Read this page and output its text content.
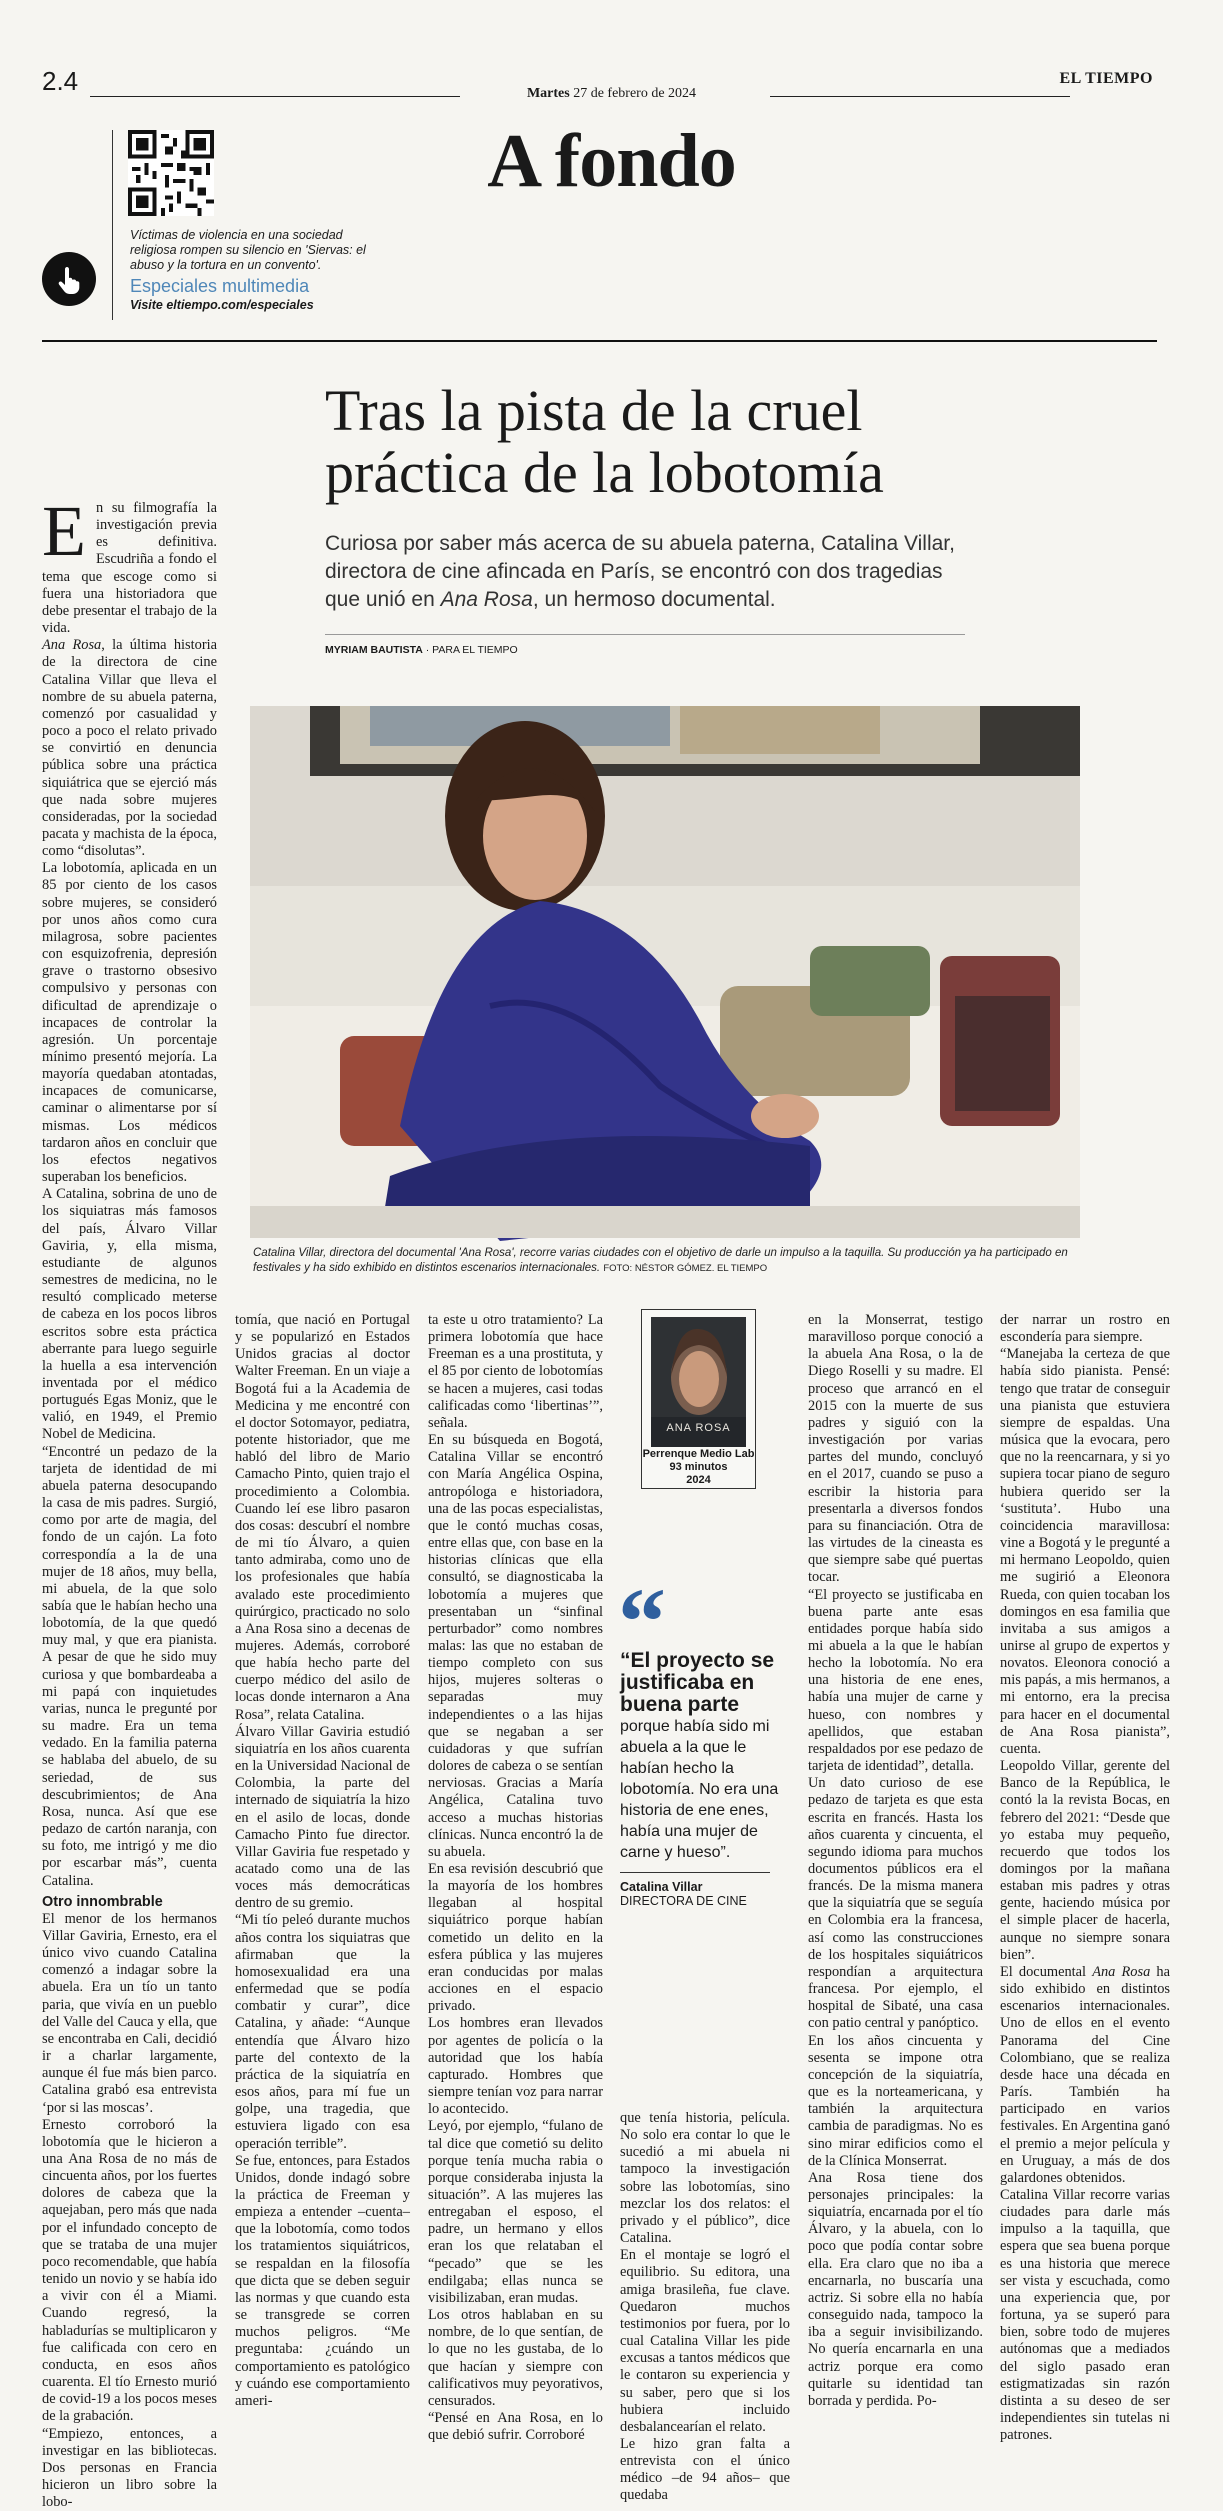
2.4	Martes 27 de febrero de 2024
EL TIEMPO
A fondo
Víctimas de violencia en una sociedad religiosa rompen su silencio en 'Siervas: el abuso y la tortura en un convento'.
Especiales multimedia
Visite eltiempo.com/especiales
Tras la pista de la cruel
práctica de la lobotomía
Curiosa por saber más acerca de su abuela paterna, Catalina Villar, directora de cine afincada en París, se encontró con dos tragedias que unió en Ana Rosa, un hermoso documental.
MYRIAM BAUTISTA · PARA EL TIEMPO
Catalina Villar, directora del documental 'Ana Rosa', recorre varias ciudades con el objetivo de darle un impulso a la taquilla. Su producción ya ha participado en festivales y ha sido exhibido en distintos escenarios internacionales. FOTO: NÉSTOR GÓMEZ. EL TIEMPO

En su filmografía la investigación previa es definitiva. Escudriña a fondo el tema que escoge como si fuera una historiadora que debe presentar el trabajo de la vida.

Ana Rosa, la última historia de la directora de cine Catalina Villar que lleva el nombre de su abuela paterna, comenzó por casualidad y poco a poco el relato privado se convirtió en denuncia pública sobre una práctica siquiátrica que se ejerció más que nada sobre mujeres consideradas, por la sociedad pacata y machista de la época, como “disolutas”.

La lobotomía, aplicada en un 85 por ciento de los casos sobre mujeres, se consideró por unos años como cura milagrosa, sobre pacientes con esquizofrenia, depresión grave o trastorno obsesivo compulsivo y personas con dificultad de aprendizaje o incapaces de controlar la agresión. Un porcentaje mínimo presentó mejoría. La mayoría quedaban atontadas, incapaces de comunicarse, caminar o alimentarse por sí mismas. Los médicos tardaron años en concluir que los efectos negativos superaban los beneficios.

A Catalina, sobrina de uno de los siquiatras más famosos del país, Álvaro Villar Gaviria, y, ella misma, estudiante de algunos semestres de medicina, no le resultó complicado meterse de cabeza en los pocos libros escritos sobre esta práctica aberrante para luego seguirle la huella a esa intervención inventada por el médico portugués Egas Moniz, que le valió, en 1949, el Premio Nobel de Medicina.

“Encontré un pedazo de la tarjeta de identidad de mi abuela paterna desocupando la casa de mis padres. Surgió, como por arte de magia, del fondo de un cajón. La foto correspondía a la de una mujer de 18 años, muy bella, mi abuela, de la que solo sabía que le habían hecho una lobotomía, de la que quedó muy mal, y que era pianista. A pesar de que he sido muy curiosa y que bombardeaba a mi papá con inquietudes varias, nunca le pregunté por su madre. Era un tema vedado. En la familia paterna se hablaba del abuelo, de su seriedad, de sus descubrimientos; de Ana Rosa, nunca. Así que ese pedazo de cartón naranja, con su foto, me intrigó y me dio por escarbar más”, cuenta Catalina.

Otro innombrable

El menor de los hermanos Villar Gaviria, Ernesto, era el único vivo cuando Catalina comenzó a indagar sobre la abuela. Era un tío un tanto paria, que vivía en un pueblo del Valle del Cauca y ella, que se encontraba en Cali, decidió ir a charlar largamente, aunque él fue más bien parco. Catalina grabó esa entrevista ‘por si las moscas’.

Ernesto corroboró la lobotomía que le hicieron a una Ana Rosa de no más de cincuenta años, por los fuertes dolores de cabeza que la aquejaban, pero más que nada por el infundado concepto de que se trataba de una mujer poco recomendable, que había tenido un novio y se había ido a vivir con él a Miami. Cuando regresó, la habladurías se multiplicaron y fue calificada con cero en conducta, en esos años cuarenta. El tío Ernesto murió de covid-19 a los pocos meses de la grabación.

“Empiezo, entonces, a investigar en las bibliotecas. Dos personas en Francia hicieron un libro sobre la lobo-

tomía, que nació en Portugal y se popularizó en Estados Unidos gracias al doctor Walter Freeman. En un viaje a Bogotá fui a la Academia de Medicina y me encontré con el doctor Sotomayor, pediatra, potente historiador, que me habló del libro de Mario Camacho Pinto, quien trajo el procedimiento a Colombia. Cuando leí ese libro pasaron dos cosas: descubrí el nombre de mi tío Álvaro, a quien tanto admiraba, como uno de los profesionales que había avalado este procedimiento quirúrgico, practicado no solo a Ana Rosa sino a decenas de mujeres. Además, corroboré que había hecho parte del cuerpo médico del asilo de locas donde internaron a Ana Rosa”, relata Catalina.

Álvaro Villar Gaviria estudió siquiatría en los años cuarenta en la Universidad Nacional de Colombia, la parte del internado de siquiatría la hizo en el asilo de locas, donde Camacho Pinto fue director. Villar Gaviria fue respetado y acatado como una de las voces más democráticas dentro de su gremio.

“Mi tío peleó durante muchos años contra los siquiatras que afirmaban que la homosexualidad era una enfermedad que se podía combatir y curar”, dice Catalina, y añade: “Aunque entendía que Álvaro hizo parte del contexto de la práctica de la siquiatría en esos años, para mí fue un golpe, una tragedia, que estuviera ligado con esa operación terrible”.

Se fue, entonces, para Estados Unidos, donde indagó sobre la práctica de Freeman y empieza a entender –cuenta– que la lobotomía, como todos los tratamientos siquiátricos, se respaldan en la filosofía que dicta que se deben seguir las normas y que cuando esta se transgrede se corren muchos peligros. “Me preguntaba: ¿cuándo un comportamiento es patológico y cuándo ese comportamiento ameri-

ta este u otro tratamiento? La primera lobotomía que hace Freeman es a una prostituta, y el 85 por ciento de lobotomías se hacen a mujeres, casi todas calificadas como ‘libertinas’”, señala.

En su búsqueda en Bogotá, Catalina Villar se encontró con María Angélica Ospina, antropóloga e historiadora, una de las pocas especialistas, que le contó muchas cosas, entre ellas que, con base en la historias clínicas que ella consultó, se diagnosticaba la lobotomía a mujeres que presentaban un “sinfinal perturbador” como nombres malas: las que no estaban de tiempo completo con sus hijos, mujeres solteras o separadas muy independientes o a las hijas que se negaban a ser cuidadoras y que sufrían dolores de cabeza o se sentían nerviosas. Gracias a María Angélica, Catalina tuvo acceso a muchas historias clínicas. Nunca encontró la de su abuela.

En esa revisión descubrió que la mayoría de los hombres llegaban al hospital siquiátrico porque habían cometido un delito en la esfera pública y las mujeres eran conducidas por malas acciones en el espacio privado.

Los hombres eran llevados por agentes de policía o la autoridad que los había capturado. Hombres que siempre tenían voz para narrar lo acontecido.

Leyó, por ejemplo, “fulano de tal dice que cometió su delito porque tenía mucha rabia o porque consideraba injusta la situación”. A las mujeres las entregaban el esposo, el padre, un hermano y ellos eran los que relataban el “pecado” que se les endilgaba; ellas nunca se visibilizaban, eran mudas.

Los otros hablaban en su nombre, de lo que sentían, de lo que no les gustaba, de lo que hacían y siempre con calificativos muy peyorativos, censurados.

“Pensé en Ana Rosa, en lo que debió sufrir. Corroboré

ANA ROSA
Perrenque Medio Lab
93 minutos
2024
“
“El proyecto se justificaba en buena parte
porque había sido mi abuela a la que le habían hecho la lobotomía. No era una historia de ene enes, había una mujer de carne y hueso”.
Catalina Villar
DIRECTORA DE CINE

que tenía historia, película. No solo era contar lo que le sucedió a mi abuela ni tampoco la investigación sobre las lobotomías, sino mezclar los dos relatos: el privado y el público”, dice Catalina.

En el montaje se logró el equilibrio. Su editora, una amiga brasileña, fue clave. Quedaron muchos testimonios por fuera, por lo cual Catalina Villar les pide excusas a tantos médicos que le contaron su experiencia y su saber, pero que si los hubiera incluido desbalancearían el relato.

Le hizo gran falta a entrevista con el único médico –de 94 años– que quedaba

en la Monserrat, testigo maravilloso porque conoció a la abuela Ana Rosa, o la de Diego Roselli y su madre. El proceso que arrancó en el 2015 con la muerte de sus padres y siguió con la investigación por varias partes del mundo, concluyó en el 2017, cuando se puso a escribir la historia para presentarla a diversos fondos para su financiación. Otra de las virtudes de la cineasta es que siempre sabe qué puertas tocar.

“El proyecto se justificaba en buena parte ante esas entidades porque había sido mi abuela a la que le habían hecho la lobotomía. No era una historia de ene enes, había una mujer de carne y hueso, con nombres y apellidos, que estaban respaldados por ese pedazo de tarjeta de identidad”, detalla.

Un dato curioso de ese pedazo de tarjeta es que esta escrita en francés. Hasta los años cuarenta y cincuenta, el segundo idioma para muchos documentos públicos era el francés. De la misma manera que la siquiatría que se seguía en Colombia era la francesa, así como las construcciones de los hospitales siquiátricos respondían a arquitectura francesa. Por ejemplo, el hospital de Sibaté, una casa con patio central y panóptico.

En los años cincuenta y sesenta se impone otra concepción de la siquiatría, que es la norteamericana, y también la arquitectura cambia de paradigmas. No es sino mirar edificios como el de la Clínica Monserrat.

Ana Rosa tiene dos personajes principales: la siquiatría, encarnada por el tío Álvaro, y la abuela, con lo poco que podía contar sobre ella. Era claro que no iba a encarnarla, no buscaría una actriz. Si sobre ella no había conseguido nada, tampoco la iba a seguir invisibilizando. No quería encarnarla en una actriz porque era como quitarle su identidad tan borrada y perdida. Po-

der narrar un rostro en escondería para siempre.

“Manejaba la certeza de que había sido pianista. Pensé: tengo que tratar de conseguir una pianista que estuviera siempre de espaldas. Una música que la evocara, pero que no la reencarnara, y si yo supiera tocar piano de seguro hubiera querido ser la ‘sustituta’. Hubo una coincidencia maravillosa: vine a Bogotá y le pregunté a mi hermano Leopoldo, quien me sugirió a Eleonora Rueda, con quien tocaban los domingos en esa familia que invitaba a sus amigos a unirse al grupo de expertos y novatos. Eleonora conoció a mis papás, a mis hermanos, a mi entorno, era la precisa para hacer en el documental de Ana Rosa pianista”, cuenta.

Leopoldo Villar, gerente del Banco de la República, le contó la la revista Bocas, en febrero del 2021: “Desde que yo estaba muy pequeño, recuerdo que todos los domingos por la mañana estaban mis padres y otras gente, haciendo música por el simple placer de hacerla, aunque no siempre sonara bien”.

El documental Ana Rosa ha sido exhibido en distintos escenarios internacionales. Uno de ellos en el evento Panorama del Cine Colombiano, que se realiza desde hace una década en París. También ha participado en varios festivales. En Argentina ganó el premio a mejor película y en Uruguay, a más de dos galardones obtenidos.

Catalina Villar recorre varias ciudades para darle más impulso a la taquilla, que espera que sea buena porque es una historia que merece ser vista y escuchada, como una experiencia que, por fortuna, ya se superó para bien, sobre todo de mujeres autónomas que a mediados del siglo pasado eran estigmatizadas sin razón distinta a su deseo de ser independientes sin tutelas ni patrones.
